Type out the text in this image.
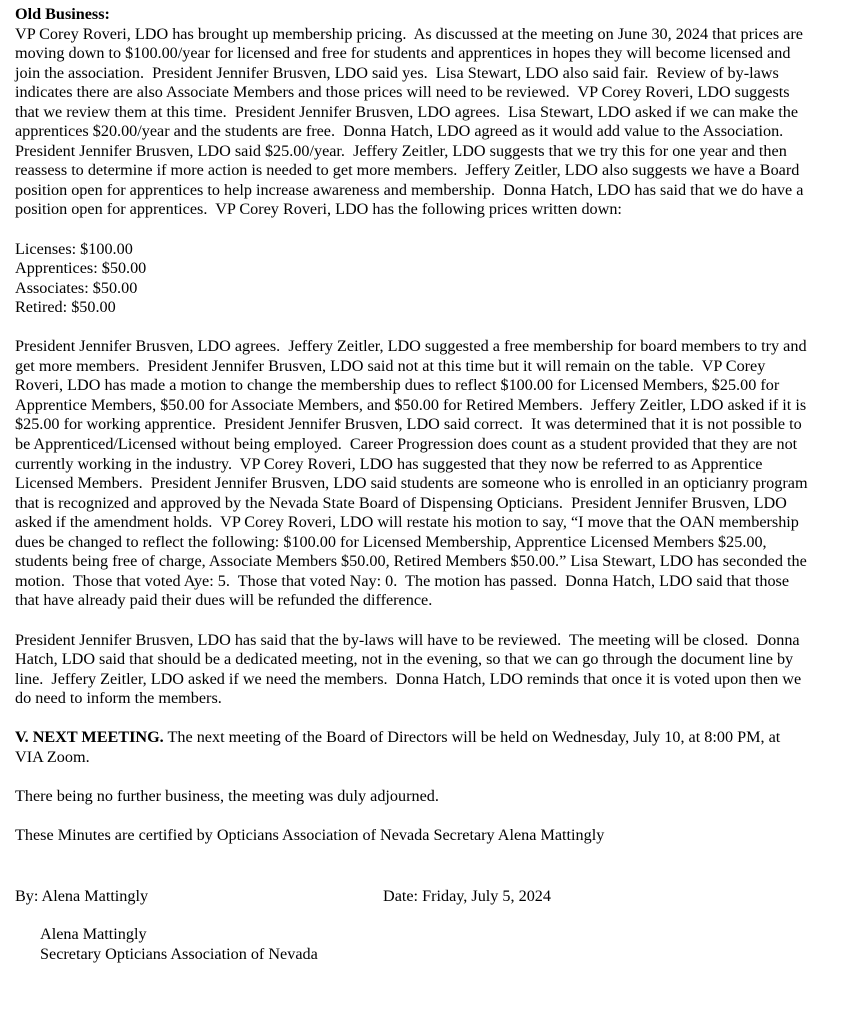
Old Business:
VP Corey Roveri, LDO has brought up membership pricing.  As discussed at the meeting on June 30, 2024 that prices are
moving down to $100.00/year for licensed and free for students and apprentices in hopes they will become licensed and
join the association.  President Jennifer Brusven, LDO said yes.  Lisa Stewart, LDO also said fair.  Review of by-laws
indicates there are also Associate Members and those prices will need to be reviewed.  VP Corey Roveri, LDO suggests
that we review them at this time.  President Jennifer Brusven, LDO agrees.  Lisa Stewart, LDO asked if we can make the
apprentices $20.00/year and the students are free.  Donna Hatch, LDO agreed as it would add value to the Association.
President Jennifer Brusven, LDO said $25.00/year.  Jeffery Zeitler, LDO suggests that we try this for one year and then
reassess to determine if more action is needed to get more members.  Jeffery Zeitler, LDO also suggests we have a Board
position open for apprentices to help increase awareness and membership.  Donna Hatch, LDO has said that we do have a
position open for apprentices.  VP Corey Roveri, LDO has the following prices written down:
Licenses: $100.00
Apprentices: $50.00
Associates: $50.00
Retired: $50.00
President Jennifer Brusven, LDO agrees.  Jeffery Zeitler, LDO suggested a free membership for board members to try and
get more members.  President Jennifer Brusven, LDO said not at this time but it will remain on the table.  VP Corey
Roveri, LDO has made a motion to change the membership dues to reflect $100.00 for Licensed Members, $25.00 for
Apprentice Members, $50.00 for Associate Members, and $50.00 for Retired Members.  Jeffery Zeitler, LDO asked if it is
$25.00 for working apprentice.  President Jennifer Brusven, LDO said correct.  It was determined that it is not possible to
be Apprenticed/Licensed without being employed.  Career Progression does count as a student provided that they are not
currently working in the industry.  VP Corey Roveri, LDO has suggested that they now be referred to as Apprentice
Licensed Members.  President Jennifer Brusven, LDO said students are someone who is enrolled in an opticianry program
that is recognized and approved by the Nevada State Board of Dispensing Opticians.  President Jennifer Brusven, LDO
asked if the amendment holds.  VP Corey Roveri, LDO will restate his motion to say, “I move that the OAN membership
dues be changed to reflect the following: $100.00 for Licensed Membership, Apprentice Licensed Members $25.00,
students being free of charge, Associate Members $50.00, Retired Members $50.00.” Lisa Stewart, LDO has seconded the
motion.  Those that voted Aye: 5.  Those that voted Nay: 0.  The motion has passed.  Donna Hatch, LDO said that those
that have already paid their dues will be refunded the difference.
President Jennifer Brusven, LDO has said that the by-laws will have to be reviewed.  The meeting will be closed.  Donna
Hatch, LDO said that should be a dedicated meeting, not in the evening, so that we can go through the document line by
line.  Jeffery Zeitler, LDO asked if we need the members.  Donna Hatch, LDO reminds that once it is voted upon then we
do need to inform the members.
V. NEXT MEETING. The next meeting of the Board of Directors will be held on Wednesday, July 10, at 8:00 PM, at
VIA Zoom.
There being no further business, the meeting was duly adjourned.
These Minutes are certified by Opticians Association of Nevada Secretary Alena Mattingly
By: Alena Mattingly	Date: Friday, July 5, 2024
Alena Mattingly
Secretary Opticians Association of Nevada
